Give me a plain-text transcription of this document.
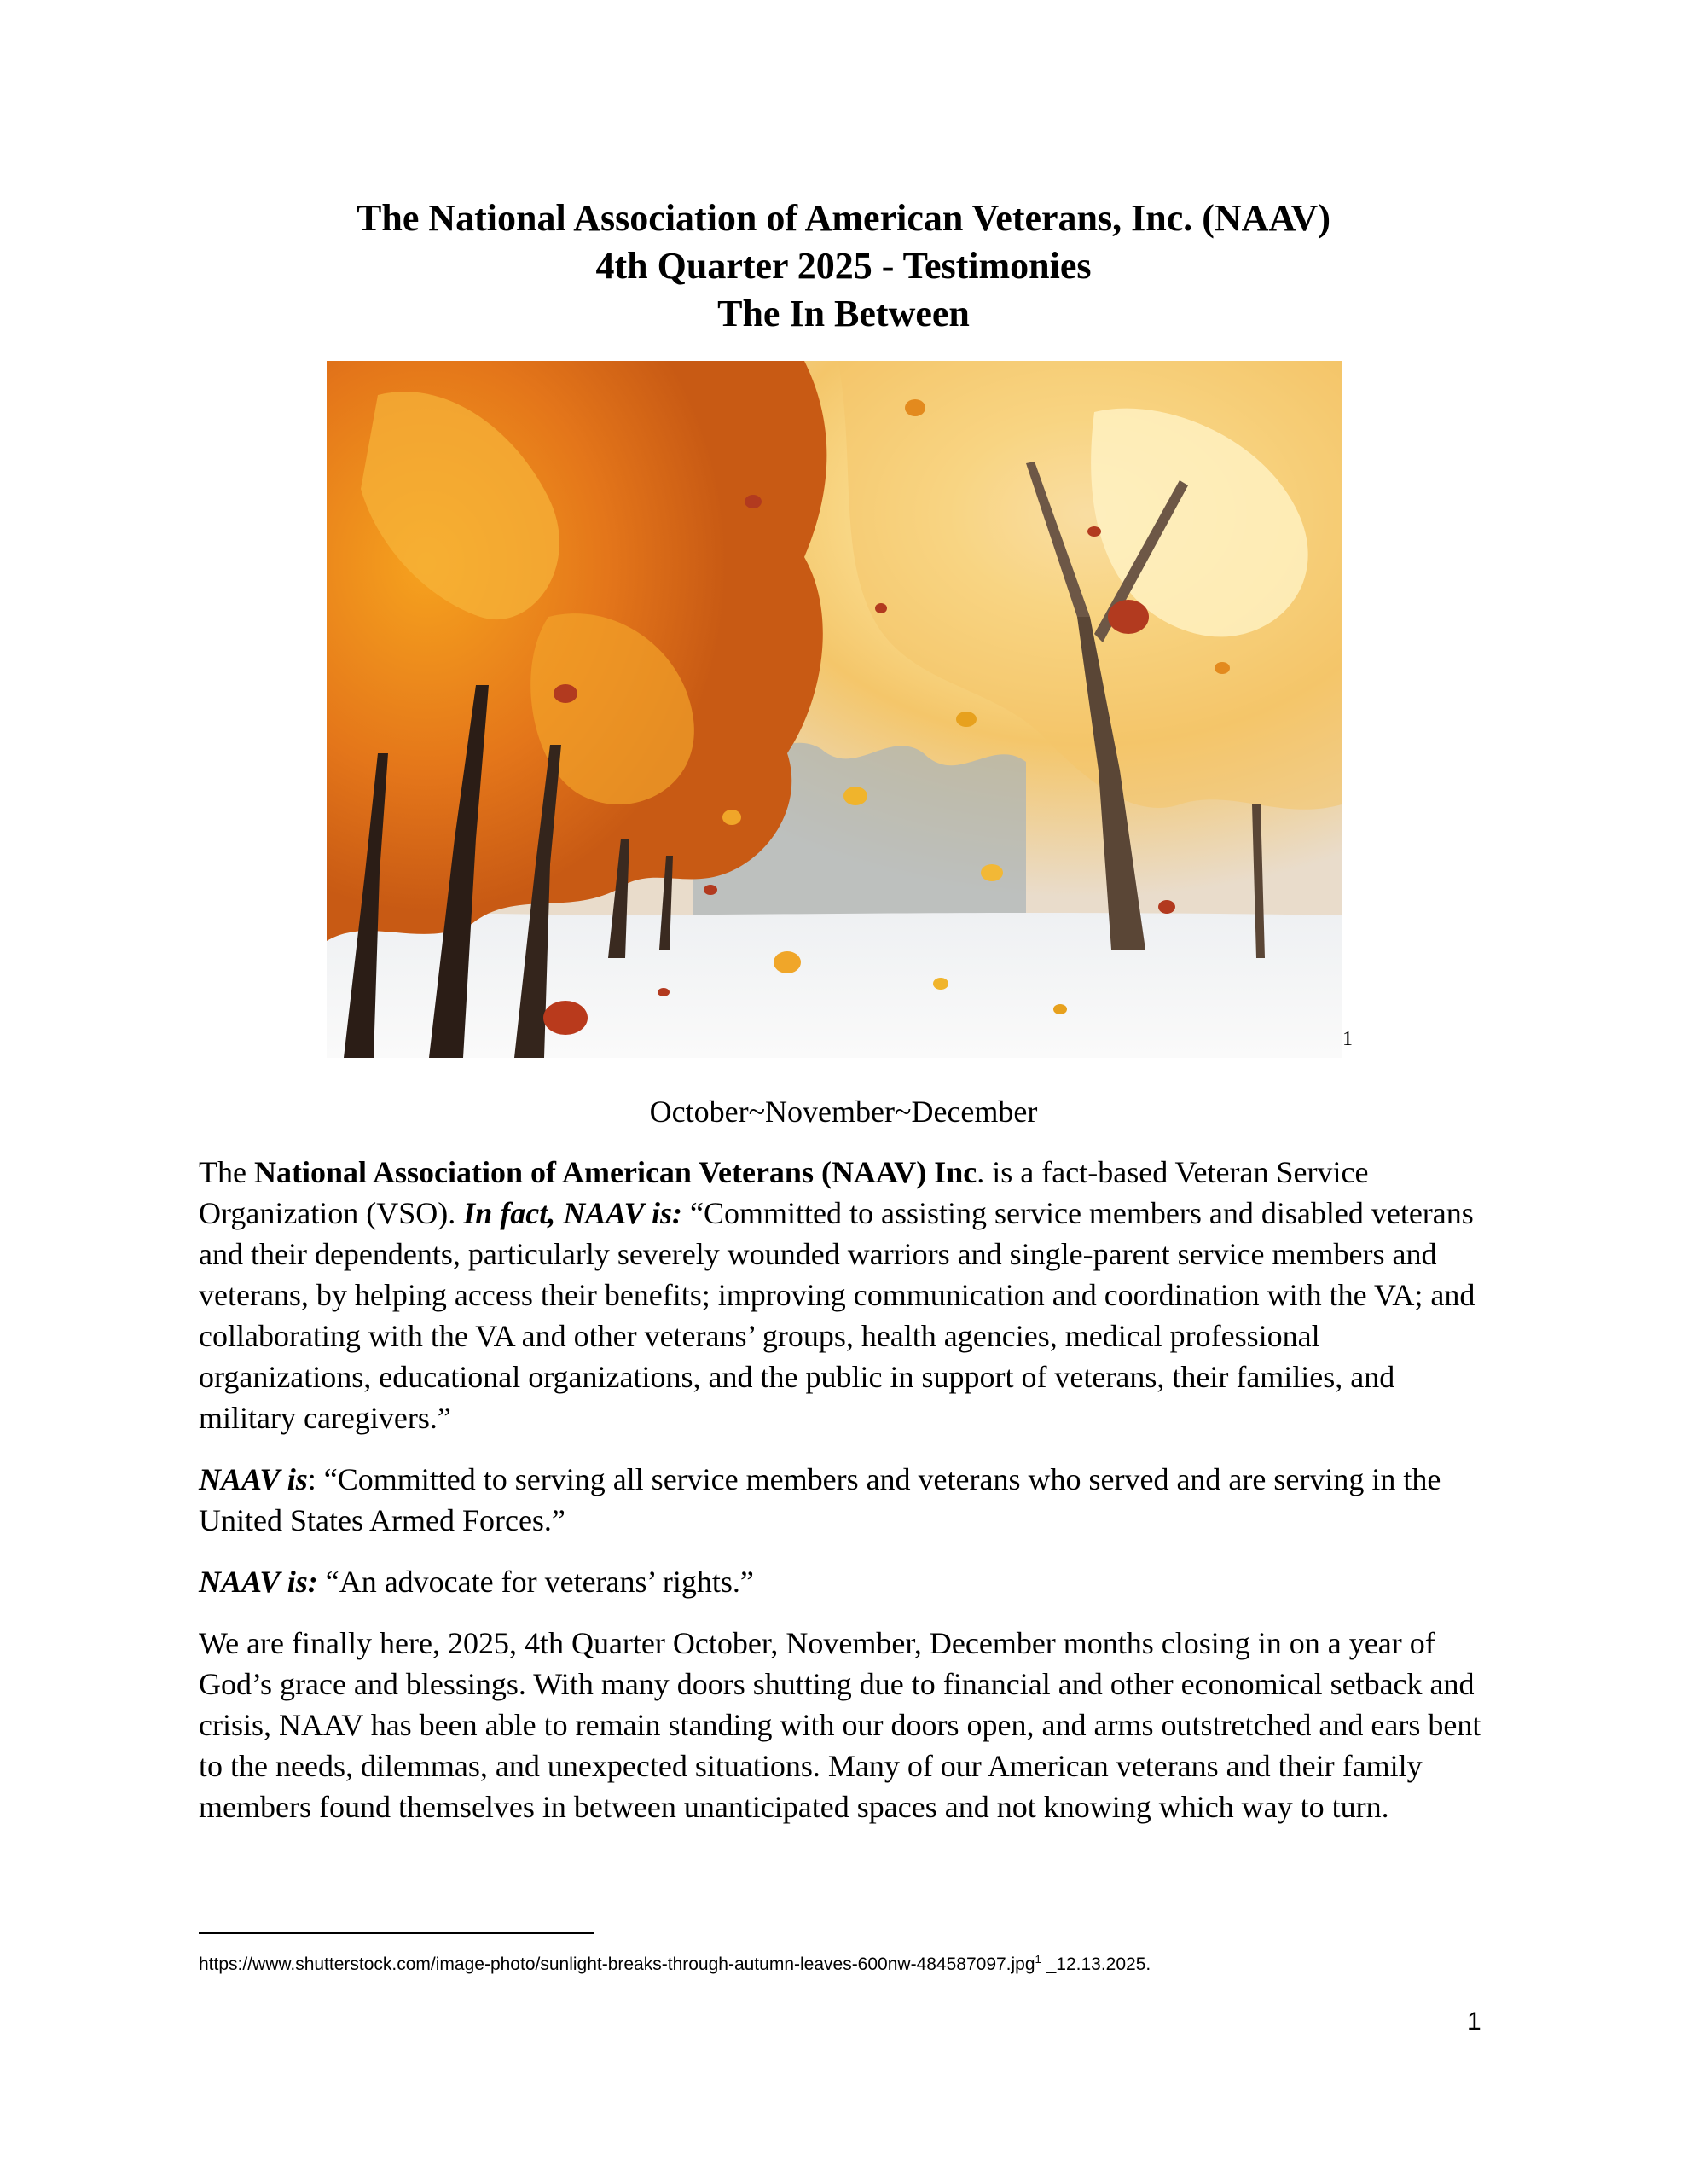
The National Association of American Veterans, Inc. (NAAV)
4th Quarter 2025 - Testimonies
The In Between
1
October~November~December

The National Association of American Veterans (NAAV) Inc. is a fact-based Veteran Service Organization (VSO). In fact, NAAV is: “Committed to assisting service members and disabled veterans and their dependents, particularly severely wounded warriors and single-parent service members and veterans, by helping access their benefits; improving communication and coordination with the VA; and collaborating with the VA and other veterans’ groups, health agencies, medical professional organizations, educational organizations, and the public in support of veterans, their families, and military caregivers.”

NAAV is: “Committed to serving all service members and veterans who served and are serving in the United States Armed Forces.”

NAAV is: “An advocate for veterans’ rights.”

We are finally here, 2025, 4th Quarter October, November, December months closing in on a year of God’s grace and blessings. With many doors shutting due to financial and other economical setback and crisis, NAAV has been able to remain standing with our doors open, and arms outstretched and ears bent to the needs, dilemmas, and unexpected situations. Many of our American veterans and their family members found themselves in between unanticipated spaces and not knowing which way to turn.

https://www.shutterstock.com/image-photo/sunlight-breaks-through-autumn-leaves-600nw-484587097.jpg$^1$ _12.13.2025.
1
